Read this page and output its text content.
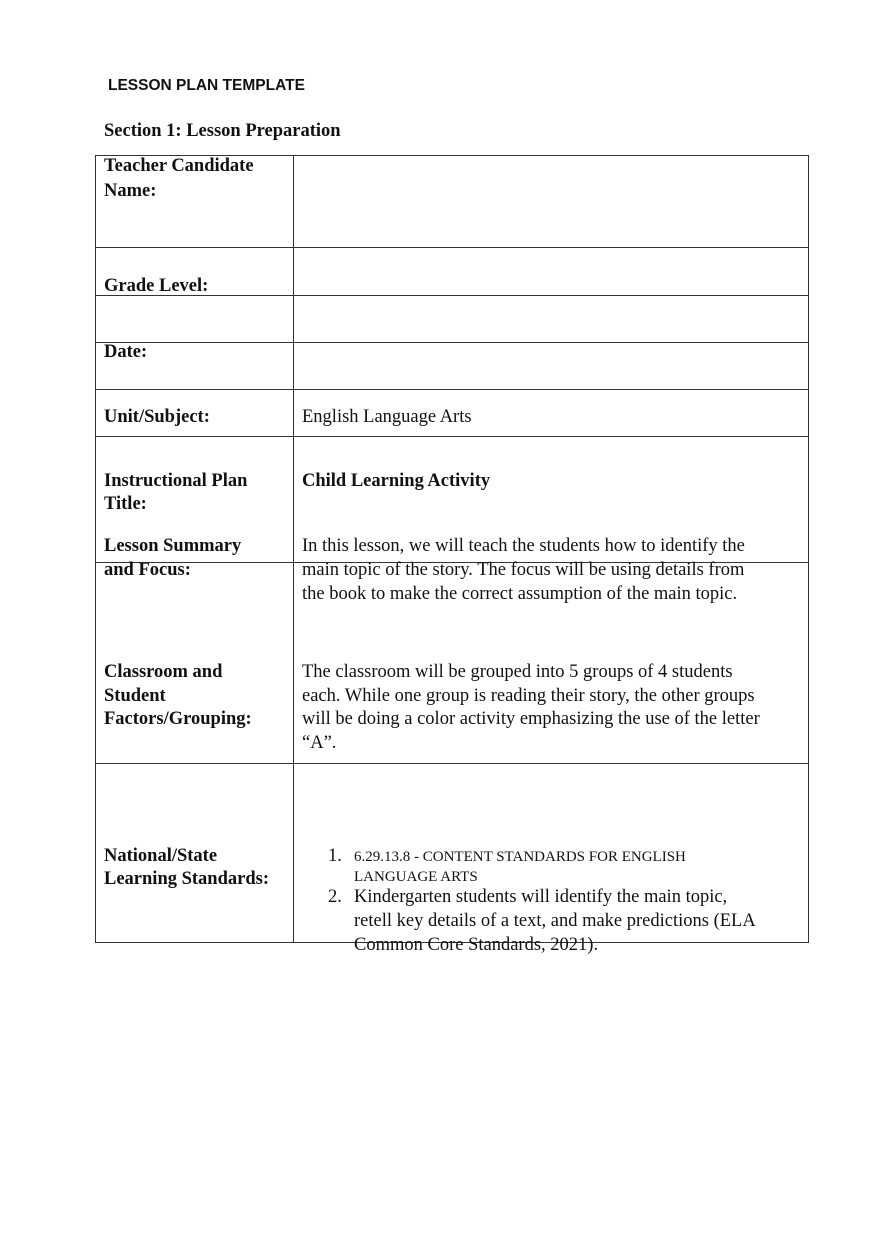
LESSON PLAN TEMPLATE
Section 1: Lesson Preparation
Teacher Candidate
Name:
Grade Level:
Date:
Unit/Subject:
Instructional Plan
Title:
Lesson Summary
and Focus:
Classroom and
Student
Factors/Grouping:
National/State
Learning Standards:
English Language Arts
Child Learning Activity
In this lesson, we will teach the students how to identify the
main topic of the story. The focus will be using details from
the book to make the correct assumption of the main topic.
The classroom will be grouped into 5 groups of 4 students
each. While one group is reading their story, the other groups
will be doing a color activity emphasizing the use of the letter
“A”.
1. 6.29.13.8 - CONTENT STANDARDS FOR ENGLISH
LANGUAGE ARTS
2. Kindergarten students will identify the main topic,
retell key details of a text, and make predictions (ELA
Common Core Standards, 2021).
